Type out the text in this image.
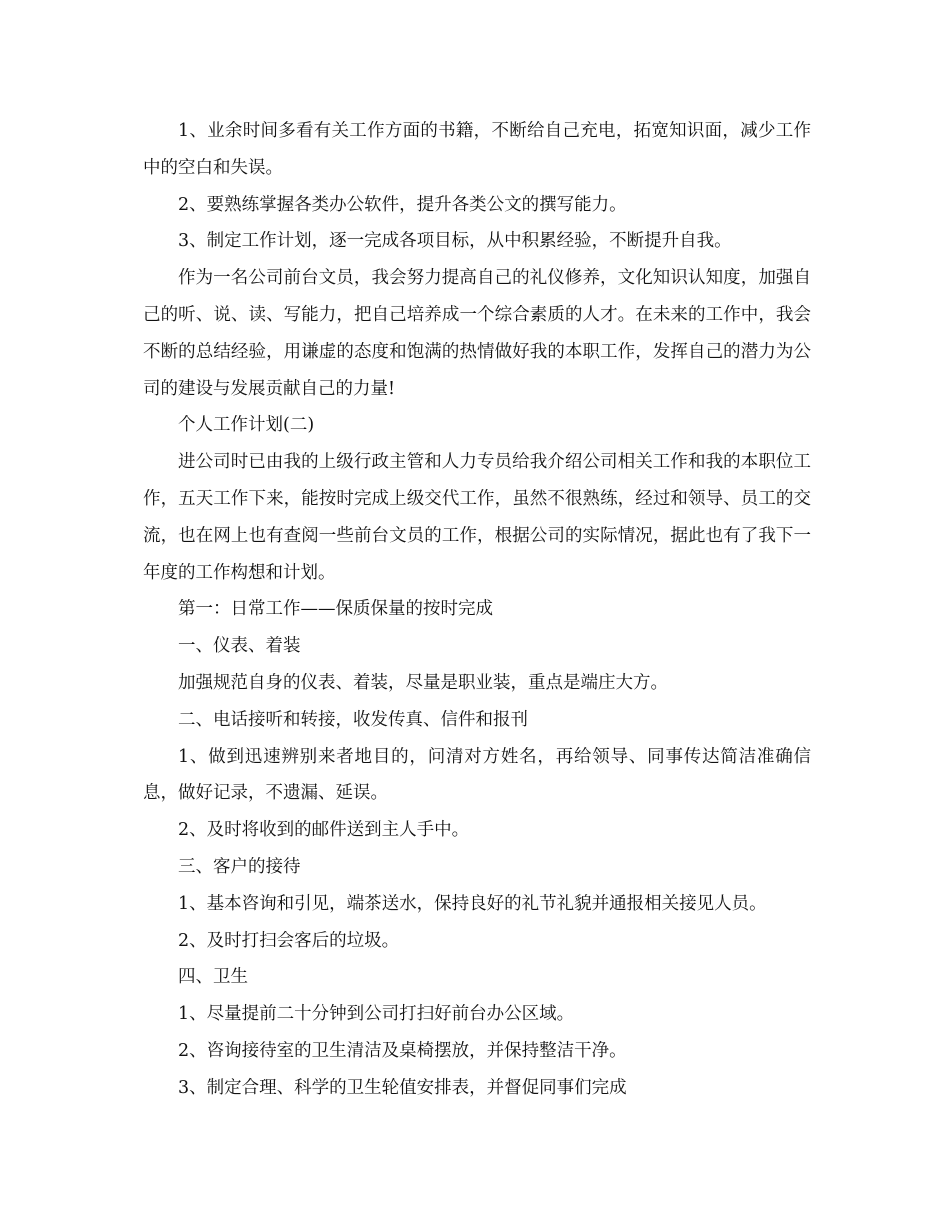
1、业余时间多看有关工作方面的书籍，不断给自己充电，拓宽知识面，减少工作中的空白和失误。

2、要熟练掌握各类办公软件，提升各类公文的撰写能力。

3、制定工作计划，逐一完成各项目标，从中积累经验，不断提升自我。

作为一名公司前台文员，我会努力提高自己的礼仪修养，文化知识认知度，加强自己的听、说、读、写能力，把自己培养成一个综合素质的人才。在未来的工作中，我会不断的总结经验，用谦虚的态度和饱满的热情做好我的本职工作，发挥自己的潜力为公司的建设与发展贡献自己的力量!

个人工作计划(二)

进公司时已由我的上级行政主管和人力专员给我介绍公司相关工作和我的本职位工作，五天工作下来，能按时完成上级交代工作，虽然不很熟练，经过和领导、员工的交流，也在网上也有查阅一些前台文员的工作，根据公司的实际情况，据此也有了我下一年度的工作构想和计划。

第一：日常工作——保质保量的按时完成

一、仪表、着装

加强规范自身的仪表、着装，尽量是职业装，重点是端庄大方。

二、电话接听和转接，收发传真、信件和报刊

1、做到迅速辨别来者地目的，问清对方姓名，再给领导、同事传达简洁准确信息，做好记录，不遗漏、延误。

2、及时将收到的邮件送到主人手中。

三、客户的接待

1、基本咨询和引见，端茶送水，保持良好的礼节礼貌并通报相关接见人员。

2、及时打扫会客后的垃圾。

四、卫生

1、尽量提前二十分钟到公司打扫好前台办公区域。

2、咨询接待室的卫生清洁及桌椅摆放，并保持整洁干净。

3、制定合理、科学的卫生轮值安排表，并督促同事们完成
